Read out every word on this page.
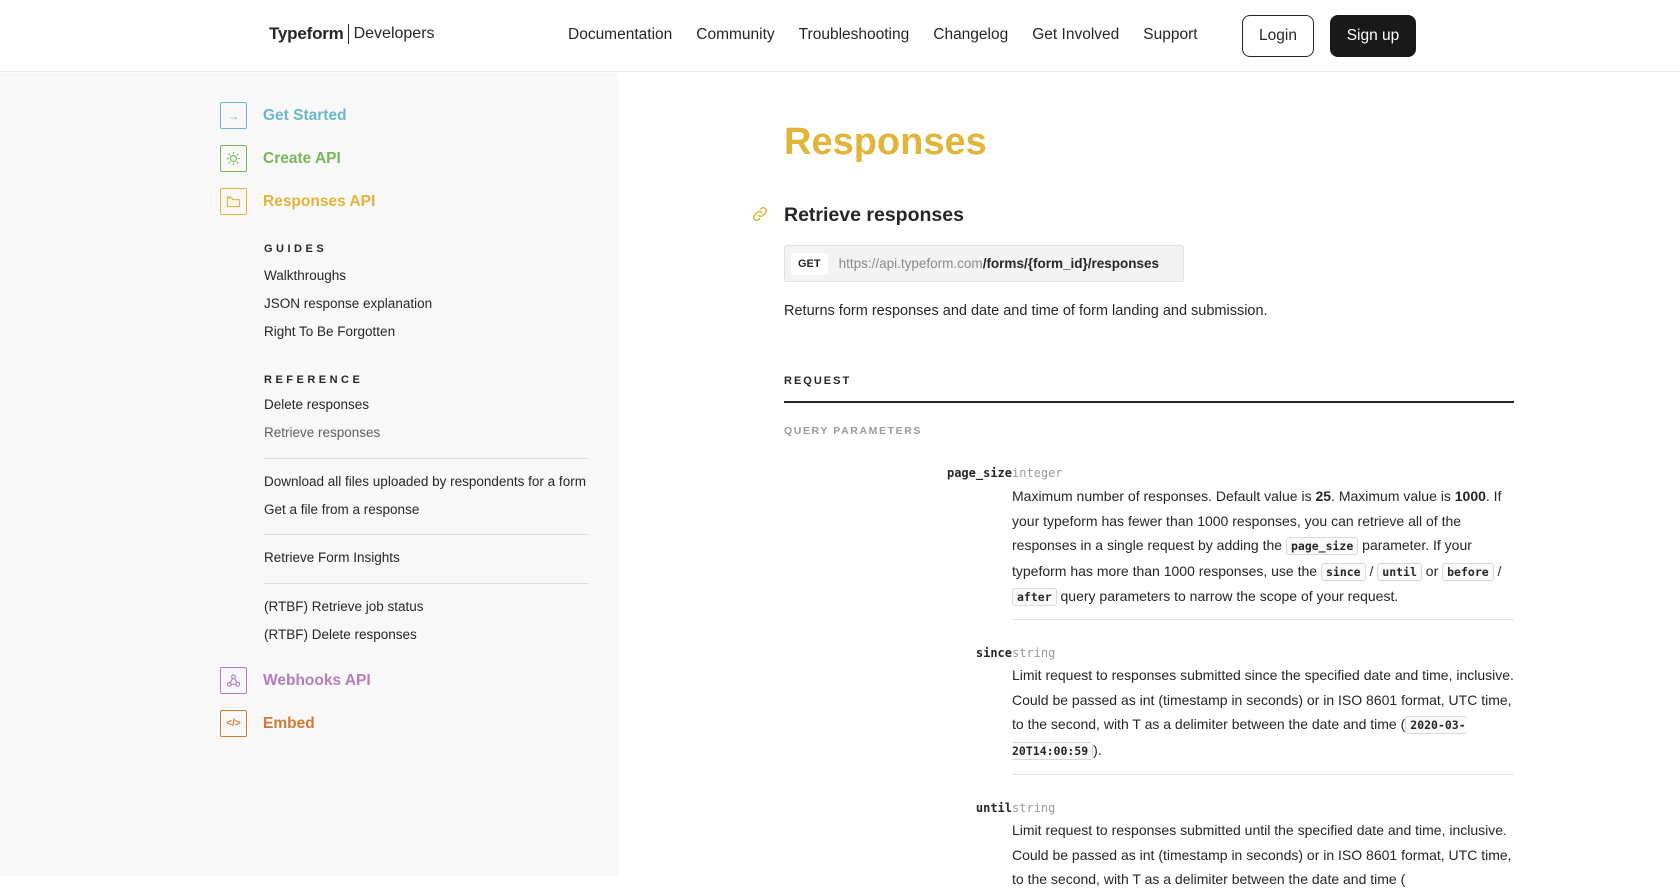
Typeform Developers	Documentation Community Troubleshooting Changelog Get Involved Support	Login	Sign up
→	Get Started
Create API
Responses API
GUIDES
Walkthroughs
JSON response explanation
Right To Be Forgotten
REFERENCE
Delete responses
Retrieve responses
Download all files uploaded by respondents for a form
Get a file from a response
Retrieve Form Insights
(RTBF) Retrieve job status
(RTBF) Delete responses
Webhooks API
</>	Embed
Responses
Retrieve responses
GET	https://api.typeform.com /forms/{form_id}/responses

Returns form responses and date and time of form landing and submission.

REQUEST
QUERY PARAMETERS
page_size integer
Maximum number of responses. Default value is 25. Maximum value is 1000. If your typeform has fewer than 1000 responses, you can retrieve all of the responses in a single request by adding the page_size parameter. If your typeform has more than 1000 responses, use the since / until or before / after query parameters to narrow the scope of your request.
since string
Limit request to responses submitted since the specified date and time, inclusive. Could be passed as int (timestamp in seconds) or in ISO 8601 format, UTC time, to the second, with T as a delimiter between the date and time ( 2020-03-20T14:00:59 ).
until string
Limit request to responses submitted until the specified date and time, inclusive. Could be passed as int (timestamp in seconds) or in ISO 8601 format, UTC time, to the second, with T as a delimiter between the date and time (
